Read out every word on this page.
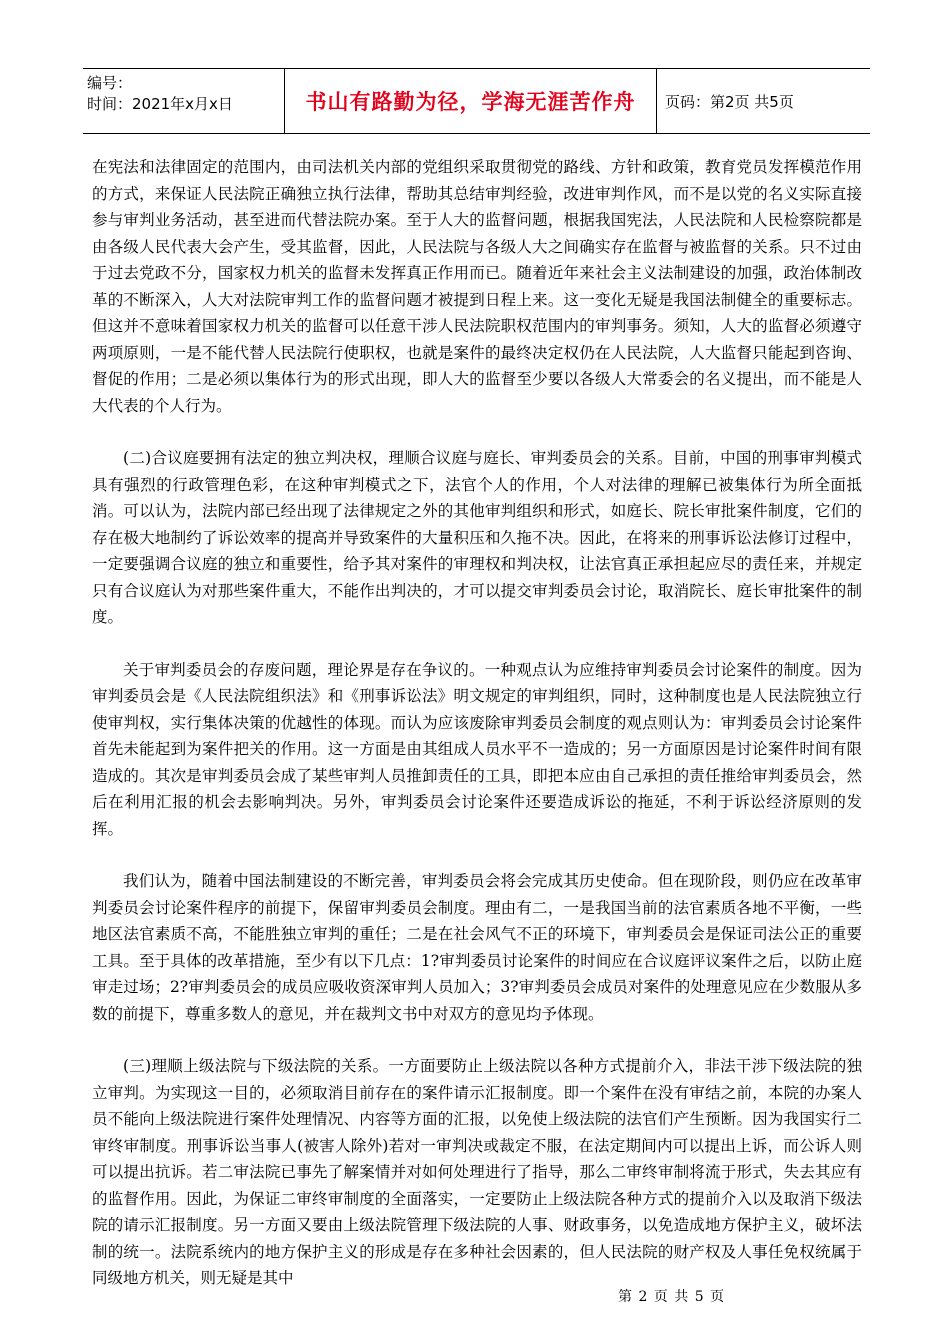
编号：
时间：2021年x月x日	书山有路勤为径，学海无涯苦作舟	页码：第2页 共5页

在宪法和法律固定的范围内，由司法机关内部的党组织采取贯彻党的路线、方针和政策，教育党员发挥模范作用的方式，来保证人民法院正确独立执行法律，帮助其总结审判经验，改进审判作风，而不是以党的名义实际直接参与审判业务活动，甚至进而代替法院办案。至于人大的监督问题，根据我国宪法，人民法院和人民检察院都是由各级人民代表大会产生，受其监督，因此，人民法院与各级人大之间确实存在监督与被监督的关系。只不过由于过去党政不分，国家权力机关的监督未发挥真正作用而已。随着近年来社会主义法制建设的加强，政治体制改革的不断深入，人大对法院审判工作的监督问题才被提到日程上来。这一变化无疑是我国法制健全的重要标志。但这并不意味着国家权力机关的监督可以任意干涉人民法院职权范围内的审判事务。须知，人大的监督必须遵守两项原则，一是不能代替人民法院行使职权，也就是案件的最终决定权仍在人民法院，人大监督只能起到咨询、督促的作用；二是必须以集体行为的形式出现，即人大的监督至少要以各级人大常委会的名义提出，而不能是人大代表的个人行为。

(二)合议庭要拥有法定的独立判决权，理顺合议庭与庭长、审判委员会的关系。目前，中国的刑事审判模式具有强烈的行政管理色彩，在这种审判模式之下，法官个人的作用，个人对法律的理解已被集体行为所全面抵消。可以认为，法院内部已经出现了法律规定之外的其他审判组织和形式，如庭长、院长审批案件制度，它们的存在极大地制约了诉讼效率的提高并导致案件的大量积压和久拖不决。因此，在将来的刑事诉讼法修订过程中，一定要强调合议庭的独立和重要性，给予其对案件的审理权和判决权，让法官真正承担起应尽的责任来，并规定只有合议庭认为对那些案件重大，不能作出判决的，才可以提交审判委员会讨论，取消院长、庭长审批案件的制度。

关于审判委员会的存废问题，理论界是存在争议的。一种观点认为应维持审判委员会讨论案件的制度。因为审判委员会是《人民法院组织法》和《刑事诉讼法》明文规定的审判组织，同时，这种制度也是人民法院独立行使审判权，实行集体决策的优越性的体现。而认为应该废除审判委员会制度的观点则认为：审判委员会讨论案件首先未能起到为案件把关的作用。这一方面是由其组成人员水平不一造成的；另一方面原因是讨论案件时间有限造成的。其次是审判委员会成了某些审判人员推卸责任的工具，即把本应由自己承担的责任推给审判委员会，然后在利用汇报的机会去影响判决。另外，审判委员会讨论案件还要造成诉讼的拖延，不利于诉讼经济原则的发挥。

我们认为，随着中国法制建设的不断完善，审判委员会将会完成其历史使命。但在现阶段，则仍应在改革审判委员会讨论案件程序的前提下，保留审判委员会制度。理由有二，一是我国当前的法官素质各地不平衡，一些地区法官素质不高，不能胜独立审判的重任；二是在社会风气不正的环境下，审判委员会是保证司法公正的重要工具。至于具体的改革措施，至少有以下几点：1?审判委员讨论案件的时间应在合议庭评议案件之后，以防止庭审走过场；2?审判委员会的成员应吸收资深审判人员加入；3?审判委员会成员对案件的处理意见应在少数服从多数的前提下，尊重多数人的意见，并在裁判文书中对双方的意见均予体现。

(三)理顺上级法院与下级法院的关系。一方面要防止上级法院以各种方式提前介入，非法干涉下级法院的独立审判。为实现这一目的，必须取消目前存在的案件请示汇报制度。即一个案件在没有审结之前，本院的办案人员不能向上级法院进行案件处理情况、内容等方面的汇报，以免使上级法院的法官们产生预断。因为我国实行二审终审制度。刑事诉讼当事人(被害人除外)若对一审判决或裁定不服，在法定期间内可以提出上诉，而公诉人则可以提出抗诉。若二审法院已事先了解案情并对如何处理进行了指导，那么二审终审制将流于形式，失去其应有的监督作用。因此，为保证二审终审制度的全面落实，一定要防止上级法院各种方式的提前介入以及取消下级法院的请示汇报制度。另一方面又要由上级法院管理下级法院的人事、财政事务，以免造成地方保护主义，破坏法制的统一。法院系统内的地方保护主义的形成是存在多种社会因素的，但人民法院的财产权及人事任免权统属于同级地方机关，则无疑是其中

第 2 页 共 5 页
